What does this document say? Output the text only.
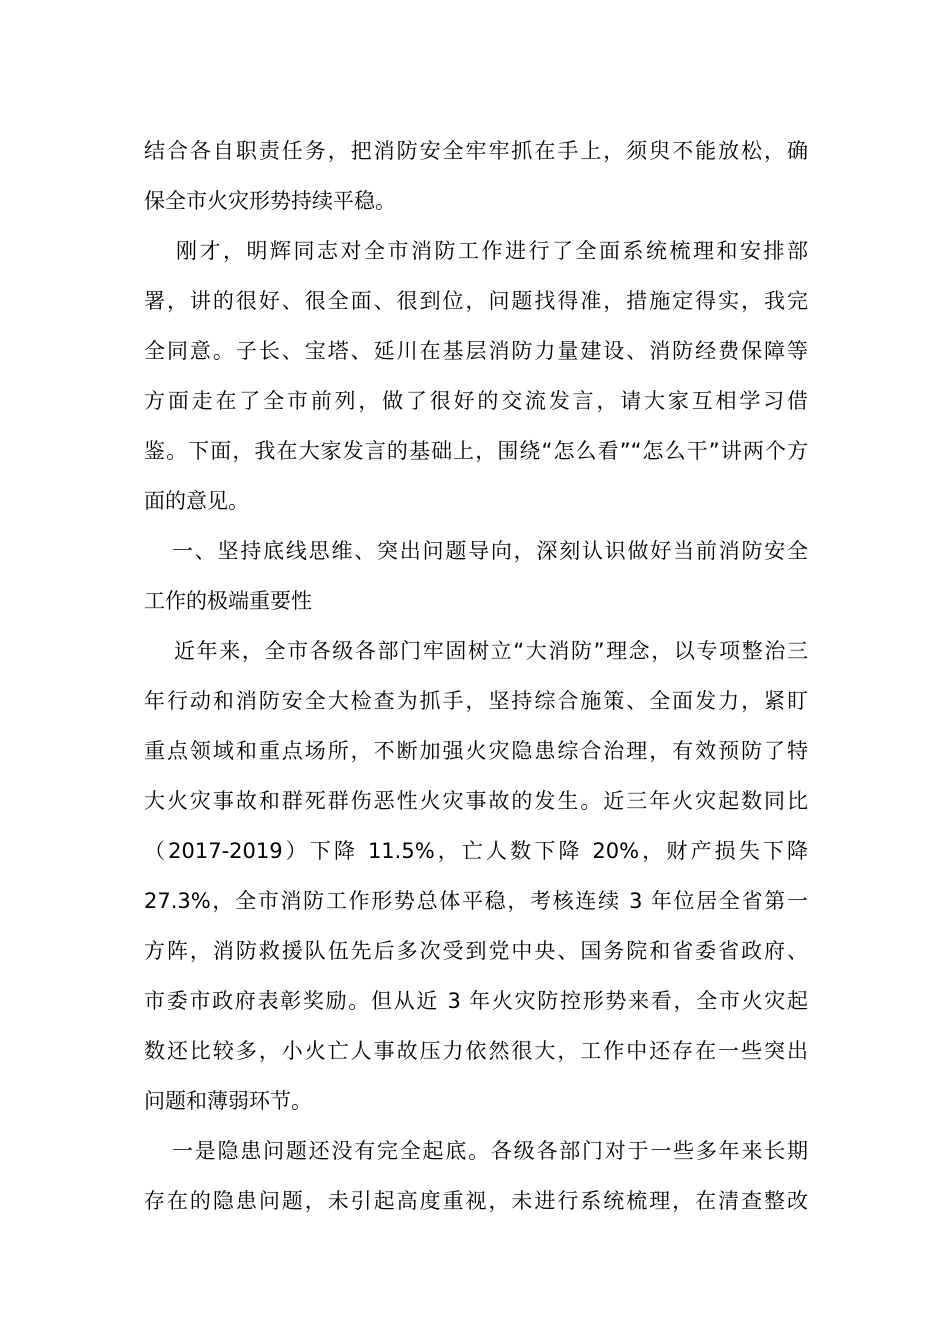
结合各自职责任务，把消防安全牢牢抓在手上，须臾不能放松，确
保全市火灾形势持续平稳。
刚才，明辉同志对全市消防工作进行了全面系统梳理和安排部
署，讲的很好、很全面、很到位，问题找得准，措施定得实，我完
全同意。子长、宝塔、延川在基层消防力量建设、消防经费保障等
方面走在了全市前列，做了很好的交流发言，请大家互相学习借
鉴。下面，我在大家发言的基础上，围绕“怎么看”“怎么干”讲两个方
面的意见。
一、坚持底线思维、突出问题导向，深刻认识做好当前消防安全
工作的极端重要性
近年来，全市各级各部门牢固树立“大消防”理念，以专项整治三
年行动和消防安全大检查为抓手，坚持综合施策、全面发力，紧盯
重点领域和重点场所，不断加强火灾隐患综合治理，有效预防了特
大火灾事故和群死群伤恶性火灾事故的发生。近三年火灾起数同比
（2017-2019）下降 11.5%，亡人数下降 20%，财产损失下降
27.3%，全市消防工作形势总体平稳，考核连续 3 年位居全省第一
方阵，消防救援队伍先后多次受到党中央、国务院和省委省政府、
市委市政府表彰奖励。但从近 3 年火灾防控形势来看，全市火灾起
数还比较多，小火亡人事故压力依然很大，工作中还存在一些突出
问题和薄弱环节。
一是隐患问题还没有完全起底。各级各部门对于一些多年来长期
存在的隐患问题，未引起高度重视，未进行系统梳理，在清查整改
